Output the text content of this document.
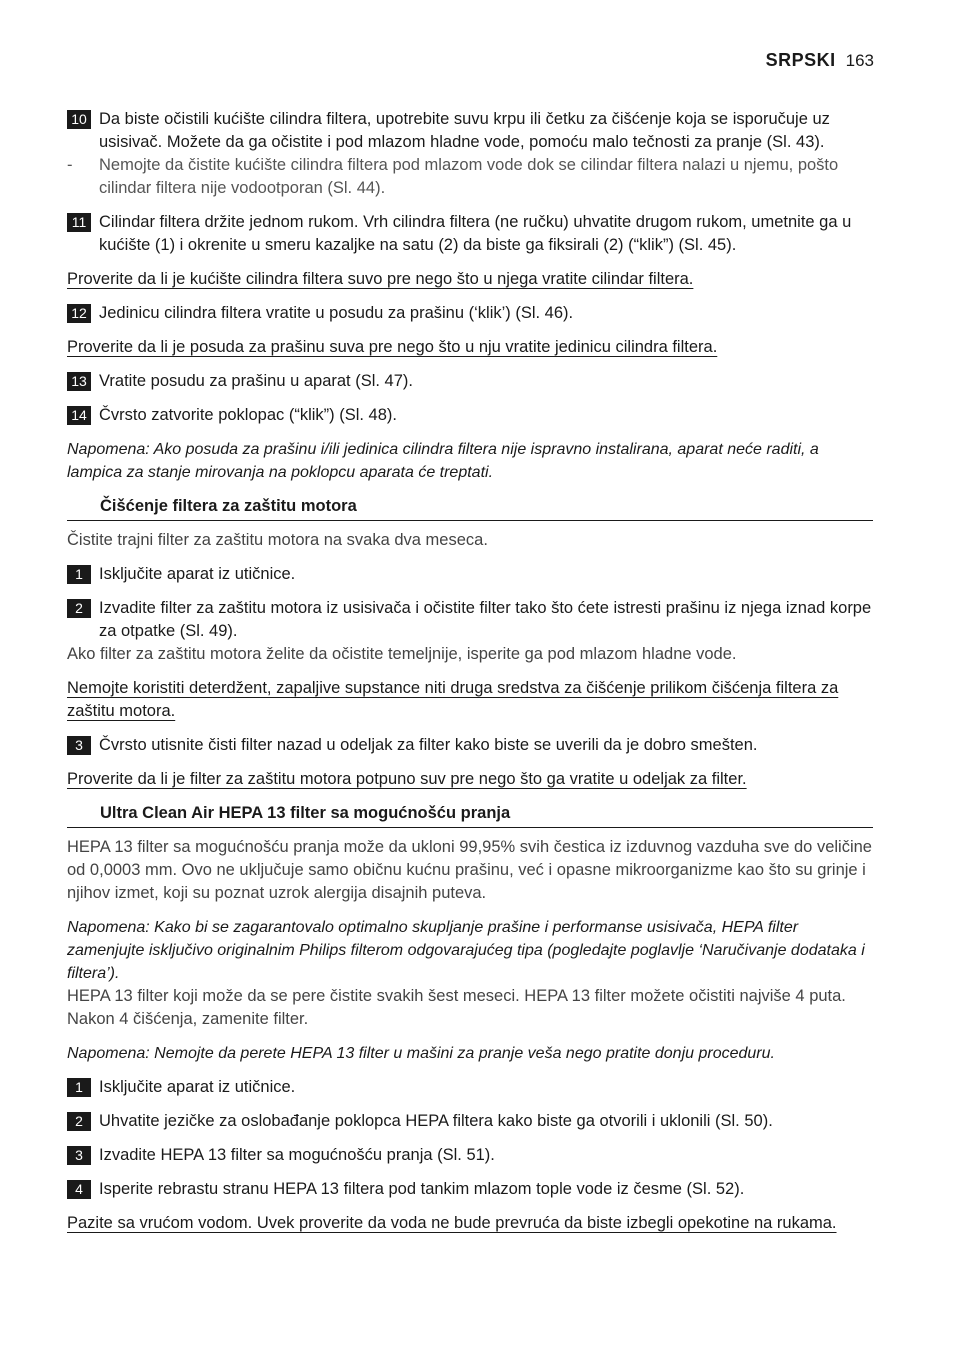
SRPSKI 163
10 Da biste očistili kućište cilindra filtera, upotrebite suvu krpu ili četku za čišćenje koja se isporučuje uz usisivač. Možete da ga očistite i pod mlazom hladne vode, pomoću malo tečnosti za pranje (Sl. 43).
-	Nemojte da čistite kućište cilindra filtera pod mlazom vode dok se cilindar filtera nalazi u njemu, pošto cilindar filtera nije vodootporan (Sl. 44).
11 Cilindar filtera držite jednom rukom. Vrh cilindra filtera (ne ručku) uhvatite drugom rukom, umetnite ga u kućište (1) i okrenite u smeru kazaljke na satu (2) da biste ga fiksirali (2) (“klik”) (Sl. 45).
Proverite da li je kućište cilindra filtera suvo pre nego što u njega vratite cilindar filtera.
12 Jedinicu cilindra filtera vratite u posudu za prašinu (‘klik’) (Sl. 46).
Proverite da li je posuda za prašinu suva pre nego što u nju vratite jedinicu cilindra filtera.
13 Vratite posudu za prašinu u aparat (Sl. 47).
14 Čvrsto zatvorite poklopac (“klik”) (Sl. 48).
Napomena: Ako posuda za prašinu i/ili jedinica cilindra filtera nije ispravno instalirana, aparat neće raditi, a lampica za stanje mirovanja na poklopcu aparata će treptati.
Čišćenje filtera za zaštitu motora
Čistite trajni filter za zaštitu motora na svaka dva meseca.
1 Isključite aparat iz utičnice.
2 Izvadite filter za zaštitu motora iz usisivača i očistite filter tako što ćete istresti prašinu iz njega iznad korpe za otpatke (Sl. 49).
Ako filter za zaštitu motora želite da očistite temeljnije, isperite ga pod mlazom hladne vode.
Nemojte koristiti deterdžent, zapaljive supstance niti druga sredstva za čišćenje prilikom čišćenja filtera za zaštitu motora.
3 Čvrsto utisnite čisti filter nazad u odeljak za filter kako biste se uverili da je dobro smešten.
Proverite da li je filter za zaštitu motora potpuno suv pre nego što ga vratite u odeljak za filter.
Ultra Clean Air HEPA 13 filter sa mogućnošću pranja
HEPA 13 filter sa mogućnošću pranja može da ukloni 99,95% svih čestica iz izduvnog vazduha sve do veličine od 0,0003 mm. Ovo ne uključuje samo običnu kućnu prašinu, već i opasne mikroorganizme kao što su grinje i njihov izmet, koji su poznat uzrok alergija disajnih puteva.
Napomena: Kako bi se zagarantovalo optimalno skupljanje prašine i performanse usisivača, HEPA filter zamenjujte isključivo originalnim Philips filterom odgovarajućeg tipa (pogledajte poglavlje ‘Naručivanje dodataka i filtera’).
HEPA 13 filter koji može da se pere čistite svakih šest meseci. HEPA 13 filter možete očistiti najviše 4 puta. Nakon 4 čišćenja, zamenite filter.
Napomena: Nemojte da perete HEPA 13 filter u mašini za pranje veša nego pratite donju proceduru.
1 Isključite aparat iz utičnice.
2 Uhvatite jezičke za oslobađanje poklopca HEPA filtera kako biste ga otvorili i uklonili (Sl. 50).
3 Izvadite HEPA 13 filter sa mogućnošću pranja (Sl. 51).
4 Isperite rebrastu stranu HEPA 13 filtera pod tankim mlazom tople vode iz česme (Sl. 52).
Pazite sa vrućom vodom. Uvek proverite da voda ne bude prevruća da biste izbegli opekotine na rukama.
